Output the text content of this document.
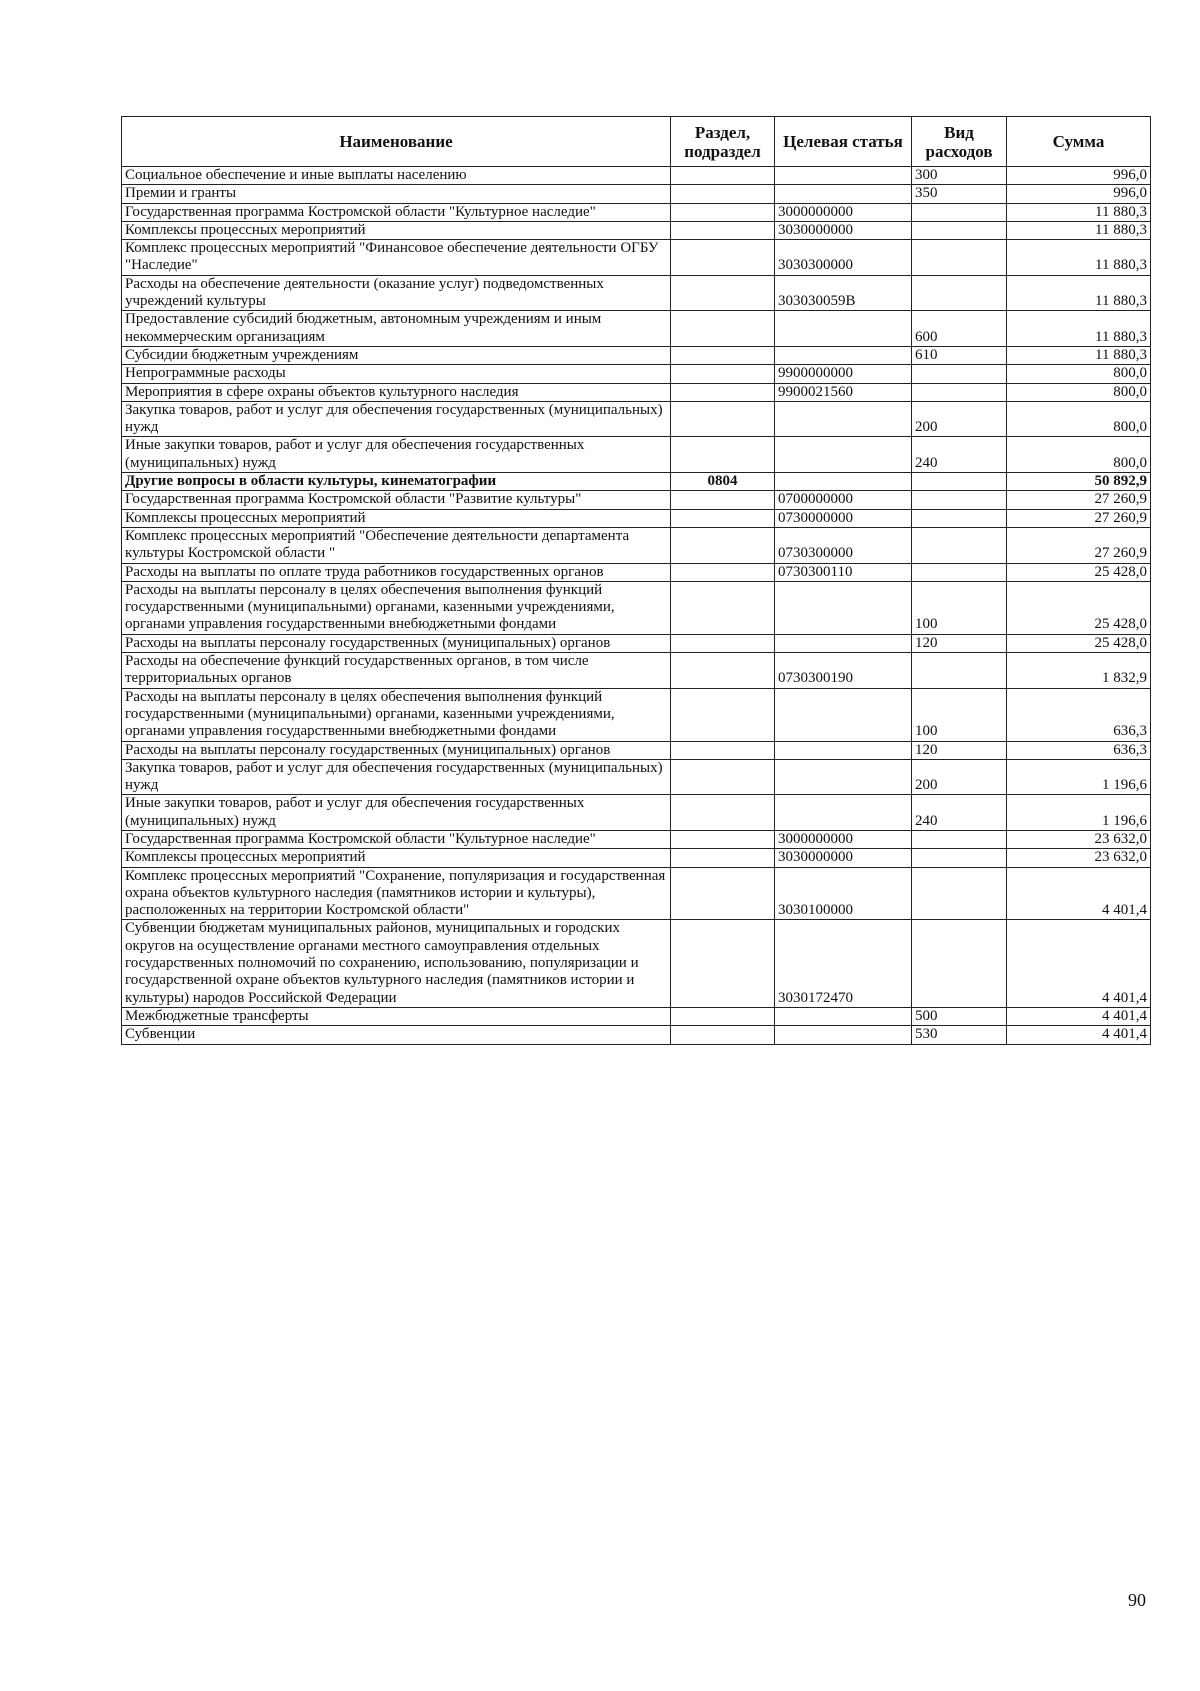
Наименование	Раздел, подраздел	Целевая статья	Вид расходов	Сумма
Социальное обеспечение и иные выплаты населению			300	996,0
Премии и гранты			350	996,0
Государственная программа Костромской области "Культурное наследие"		3000000000		11 880,3
Комплексы процессных мероприятий		3030000000		11 880,3
Комплекс процессных мероприятий "Финансовое обеспечение деятельности ОГБУ "Наследие"		3030300000		11 880,3
Расходы на обеспечение деятельности (оказание услуг) подведомственных учреждений культуры		303030059В		11 880,3
Предоставление субсидий бюджетным, автономным учреждениям и иным некоммерческим организациям			600	11 880,3
Субсидии бюджетным учреждениям			610	11 880,3
Непрограммные расходы		9900000000		800,0
Мероприятия в сфере охраны объектов культурного наследия		9900021560		800,0
Закупка товаров, работ и услуг для обеспечения государственных (муниципальных) нужд			200	800,0
Иные закупки товаров, работ и услуг для обеспечения государственных (муниципальных) нужд			240	800,0
Другие вопросы в области культуры, кинематографии	0804			50 892,9
Государственная программа Костромской области "Развитие культуры"		0700000000		27 260,9
Комплексы процессных мероприятий		0730000000		27 260,9
Комплекс процессных мероприятий "Обеспечение деятельности департамента культуры Костромской области "		0730300000		27 260,9
Расходы на выплаты по оплате труда работников государственных органов		0730300110		25 428,0
Расходы на выплаты персоналу в целях обеспечения выполнения функций государственными (муниципальными) органами, казенными учреждениями, органами управления государственными внебюджетными фондами			100	25 428,0
Расходы на выплаты персоналу государственных (муниципальных) органов			120	25 428,0
Расходы на обеспечение функций государственных органов, в том числе территориальных органов		0730300190		1 832,9
Расходы на выплаты персоналу в целях обеспечения выполнения функций государственными (муниципальными) органами, казенными учреждениями, органами управления государственными внебюджетными фондами			100	636,3
Расходы на выплаты персоналу государственных (муниципальных) органов			120	636,3
Закупка товаров, работ и услуг для обеспечения государственных (муниципальных) нужд			200	1 196,6
Иные закупки товаров, работ и услуг для обеспечения государственных (муниципальных) нужд			240	1 196,6
Государственная программа Костромской области "Культурное наследие"		3000000000		23 632,0
Комплексы процессных мероприятий		3030000000		23 632,0
Комплекс процессных мероприятий "Сохранение, популяризация и государственная охрана объектов культурного наследия (памятников истории и культуры), расположенных на территории Костромской области"		3030100000		4 401,4
Субвенции бюджетам муниципальных районов, муниципальных и городских округов на осуществление органами местного самоуправления отдельных государственных полномочий по сохранению, использованию, популяризации и государственной охране объектов культурного наследия (памятников истории и культуры) народов Российской Федерации		3030172470		4 401,4
Межбюджетные трансферты			500	4 401,4
Субвенции			530	4 401,4
90
